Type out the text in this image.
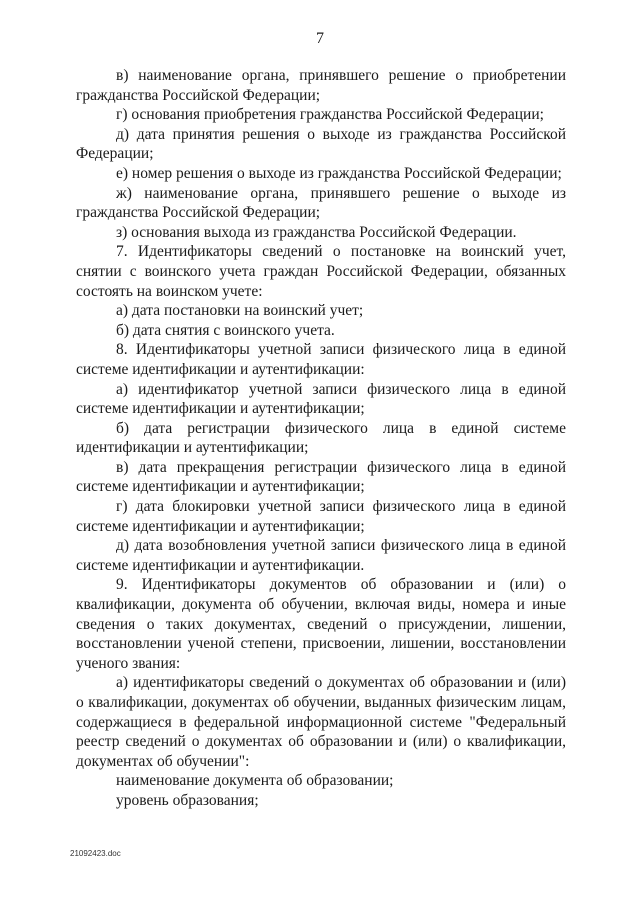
7

в) наименование органа, принявшего решение о приобретении гражданства Российской Федерации;

г) основания приобретения гражданства Российской Федерации;

д) дата принятия решения о выходе из гражданства Российской Федерации;

е) номер решения о выходе из гражданства Российской Федерации;

ж) наименование органа, принявшего решение о выходе из гражданства Российской Федерации;

з) основания выхода из гражданства Российской Федерации.

7. Идентификаторы сведений о постановке на воинский учет, снятии с воинского учета граждан Российской Федерации, обязанных состоять на воинском учете:

а) дата постановки на воинский учет;

б) дата снятия с воинского учета.

8. Идентификаторы учетной записи физического лица в единой системе идентификации и аутентификации:

а) идентификатор учетной записи физического лица в единой системе идентификации и аутентификации;

б) дата регистрации физического лица в единой системе идентификации и аутентификации;

в) дата прекращения регистрации физического лица в единой системе идентификации и аутентификации;

г) дата блокировки учетной записи физического лица в единой системе идентификации и аутентификации;

д) дата возобновления учетной записи физического лица в единой системе идентификации и аутентификации.

9. Идентификаторы документов об образовании и (или) о квалификации, документа об обучении, включая виды, номера и иные сведения о таких документах, сведений о присуждении, лишении, восстановлении ученой степени, присвоении, лишении, восстановлении ученого звания:

а) идентификаторы сведений о документах об образовании и (или) о квалификации, документах об обучении, выданных физическим лицам, содержащиеся в федеральной информационной системе "Федеральный реестр сведений о документах об образовании и (или) о квалификации, документах об обучении":

наименование документа об образовании;

уровень образования;

21092423.doc
